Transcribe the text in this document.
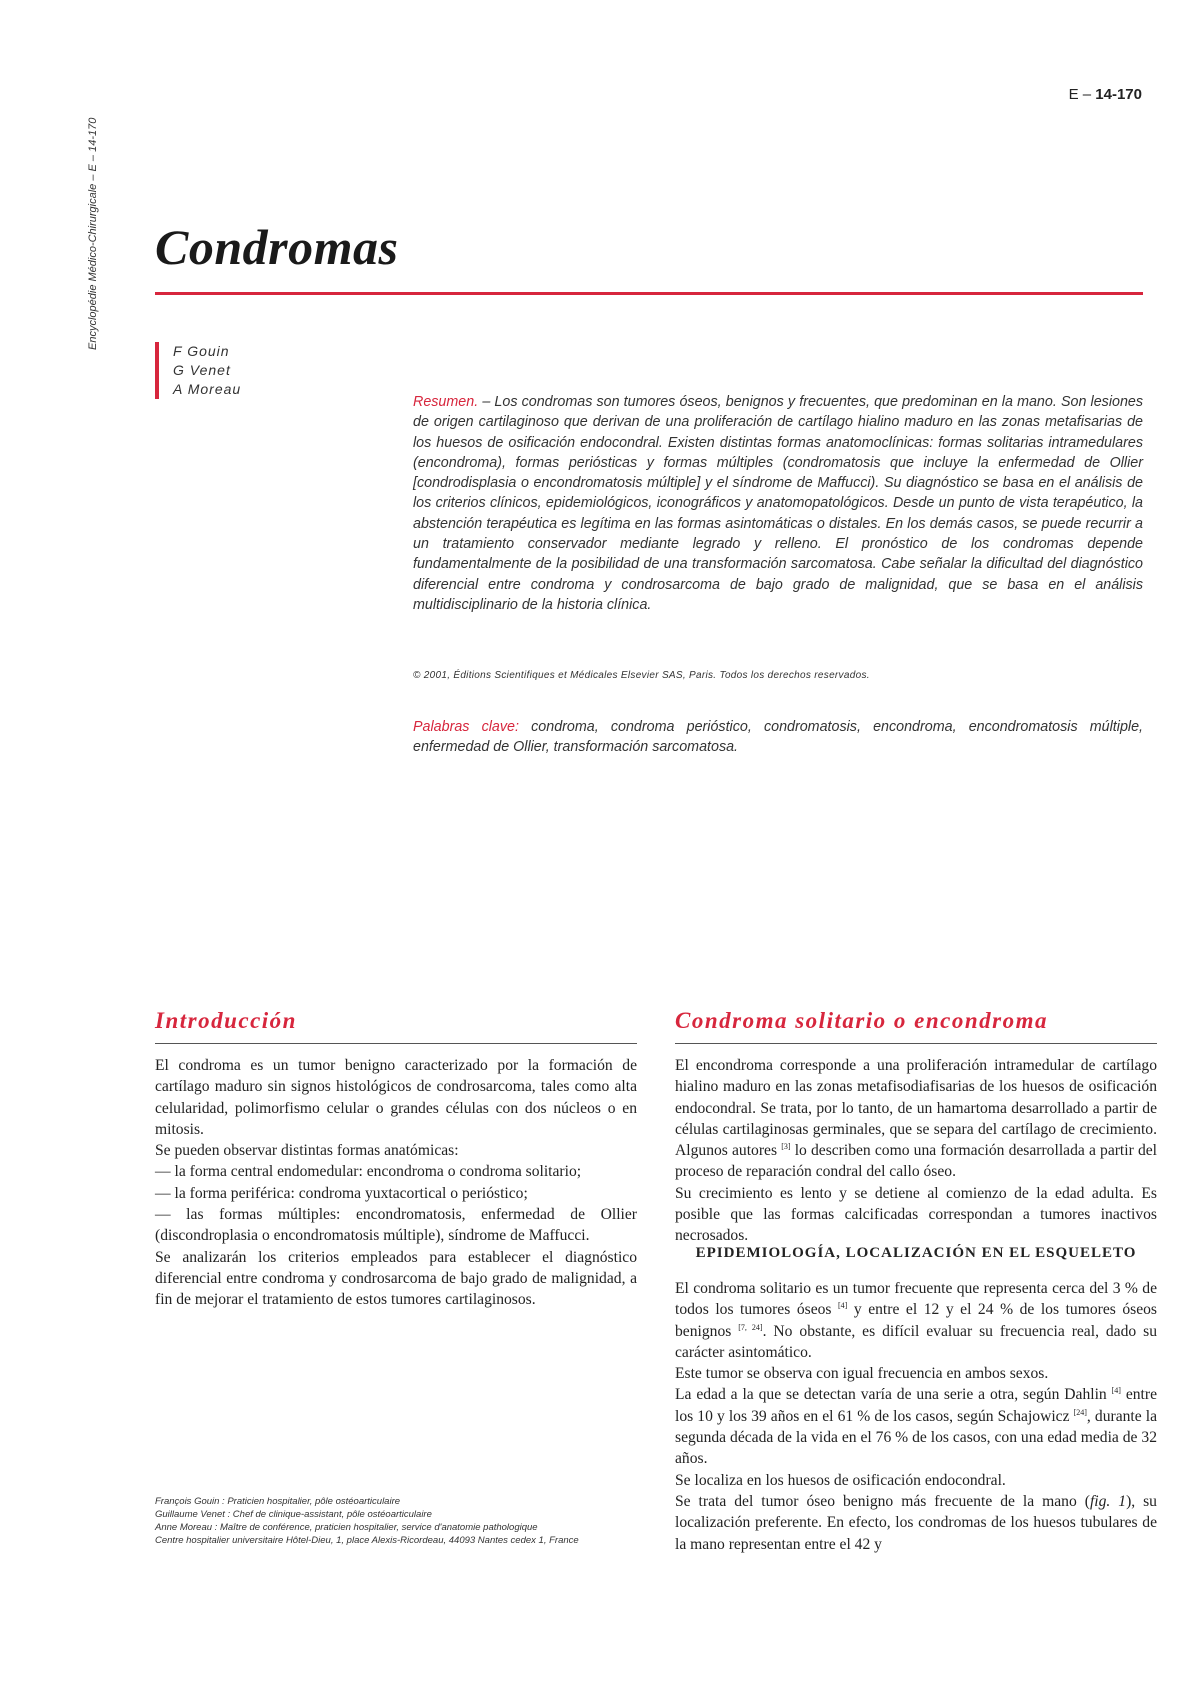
Encyclopédie Médico-Chirurgicale – E – 14-170
E – 14-170
Condromas
F Gouin
G Venet
A Moreau
Resumen. – Los condromas son tumores óseos, benignos y frecuentes, que predominan en la mano. Son lesiones de origen cartilaginoso que derivan de una proliferación de cartílago hialino maduro en las zonas metafisarias de los huesos de osificación endocondral. Existen distintas formas anatomoclínicas: formas solitarias intramedulares (encondroma), formas periósticas y formas múltiples (condromatosis que incluye la enfermedad de Ollier [condrodisplasia o encondromatosis múltiple] y el síndrome de Maffucci). Su diagnóstico se basa en el análisis de los criterios clínicos, epidemiológicos, iconográficos y anatomopatológicos. Desde un punto de vista terapéutico, la abstención terapéutica es legítima en las formas asintomáticas o distales. En los demás casos, se puede recurrir a un tratamiento conservador mediante legrado y relleno. El pronóstico de los condromas depende fundamentalmente de la posibilidad de una transformación sarcomatosa. Cabe señalar la dificultad del diagnóstico diferencial entre condroma y condrosarcoma de bajo grado de malignidad, que se basa en el análisis multidisciplinario de la historia clínica.
© 2001, Éditions Scientifiques et Médicales Elsevier SAS, Paris. Todos los derechos reservados.
Palabras clave: condroma, condroma perióstico, condromatosis, encondroma, encondromatosis múltiple, enfermedad de Ollier, transformación sarcomatosa.
Introducción

El condroma es un tumor benigno caracterizado por la formación de cartílago maduro sin signos histológicos de condrosarcoma, tales como alta celularidad, polimorfismo celular o grandes células con dos núcleos o en mitosis.

Se pueden observar distintas formas anatómicas:

— la forma central endomedular: encondroma o condroma solitario;

— la forma periférica: condroma yuxtacortical o perióstico;

— las formas múltiples: encondromatosis, enfermedad de Ollier (discondroplasia o encondromatosis múltiple), síndrome de Maffucci.

Se analizarán los criterios empleados para establecer el diagnóstico diferencial entre condroma y condrosarcoma de bajo grado de malignidad, a fin de mejorar el tratamiento de estos tumores cartilaginosos.

Condroma solitario o encondroma

El encondroma corresponde a una proliferación intramedular de cartílago hialino maduro en las zonas metafisodiafisarias de los huesos de osificación endocondral. Se trata, por lo tanto, de un hamartoma desarrollado a partir de células cartilaginosas germinales, que se separa del cartílago de crecimiento. Algunos autores [3] lo describen como una formación desarrollada a partir del proceso de reparación condral del callo óseo.

Su crecimiento es lento y se detiene al comienzo de la edad adulta. Es posible que las formas calcificadas correspondan a tumores inactivos necrosados.

EPIDEMIOLOGÍA, LOCALIZACIÓN EN EL ESQUELETO

El condroma solitario es un tumor frecuente que representa cerca del 3 % de todos los tumores óseos [4] y entre el 12 y el 24 % de los tumores óseos benignos [7, 24]. No obstante, es difícil evaluar su frecuencia real, dado su carácter asintomático.

Este tumor se observa con igual frecuencia en ambos sexos.

La edad a la que se detectan varía de una serie a otra, según Dahlin [4] entre los 10 y los 39 años en el 61 % de los casos, según Schajowicz [24], durante la segunda década de la vida en el 76 % de los casos, con una edad media de 32 años.

Se localiza en los huesos de osificación endocondral.

Se trata del tumor óseo benigno más frecuente de la mano (fig. 1), su localización preferente. En efecto, los condromas de los huesos tubulares de la mano representan entre el 42 y

François Gouin : Praticien hospitalier, pôle ostéoarticulaire
Guillaume Venet : Chef de clinique-assistant, pôle ostéoarticulaire
Anne Moreau : Maître de conférence, praticien hospitalier, service d'anatomie pathologique
Centre hospitalier universitaire Hôtel-Dieu, 1, place Alexis-Ricordeau, 44093 Nantes cedex 1, France
